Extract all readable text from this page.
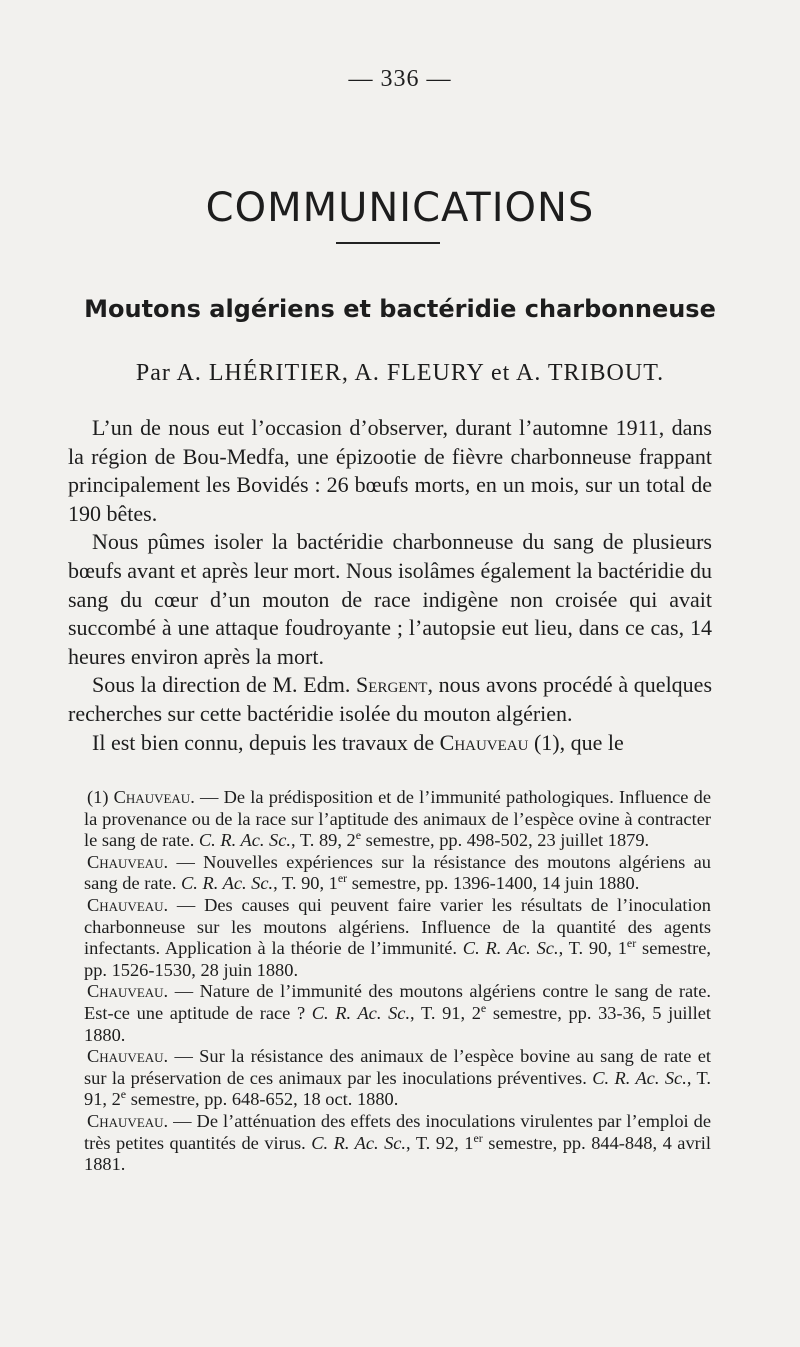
— 336 —
COMMUNICATIONS
Moutons algériens et bactéridie charbonneuse
Par A. LHÉRITIER, A. FLEURY et A. TRIBOUT.

L’un de nous eut l’occasion d’observer, durant l’automne 1911, dans la région de Bou-Medfa, une épizootie de fièvre charbonneuse frappant principalement les Bovidés : 26 bœufs morts, en un mois, sur un total de 190 bêtes.

Nous pûmes isoler la bactéridie charbonneuse du sang de plusieurs bœufs avant et après leur mort. Nous isolâmes également la bactéridie du sang du cœur d’un mouton de race indigène non croisée qui avait succombé à une attaque foudroyante ; l’autopsie eut lieu, dans ce cas, 14 heures environ après la mort.

Sous la direction de M. Edm. Sergent, nous avons procédé à quelques recherches sur cette bactéridie isolée du mouton algérien.

Il est bien connu, depuis les travaux de Chauveau (1), que le

(1) Chauveau. — De la prédisposition et de l’immunité pathologiques. Influence de la provenance ou de la race sur l’aptitude des animaux de l’espèce ovine à contracter le sang de rate. C. R. Ac. Sc., T. 89, 2e semestre, pp. 498-502, 23 juillet 1879.

Chauveau. — Nouvelles expériences sur la résistance des moutons algériens au sang de rate. C. R. Ac. Sc., T. 90, 1er semestre, pp. 1396-1400, 14 juin 1880.

Chauveau. — Des causes qui peuvent faire varier les résultats de l’inoculation charbonneuse sur les moutons algériens. Influence de la quantité des agents infectants. Application à la théorie de l’immunité. C. R. Ac. Sc., T. 90, 1er semestre, pp. 1526-1530, 28 juin 1880.

Chauveau. — Nature de l’immunité des moutons algériens contre le sang de rate. Est-ce une aptitude de race ? C. R. Ac. Sc., T. 91, 2e semestre, pp. 33-36, 5 juillet 1880.

Chauveau. — Sur la résistance des animaux de l’espèce bovine au sang de rate et sur la préservation de ces animaux par les inoculations préventives. C. R. Ac. Sc., T. 91, 2e semestre, pp. 648-652, 18 oct. 1880.

Chauveau. — De l’atténuation des effets des inoculations virulentes par l’emploi de très petites quantités de virus. C. R. Ac. Sc., T. 92, 1er semestre, pp. 844-848, 4 avril 1881.
